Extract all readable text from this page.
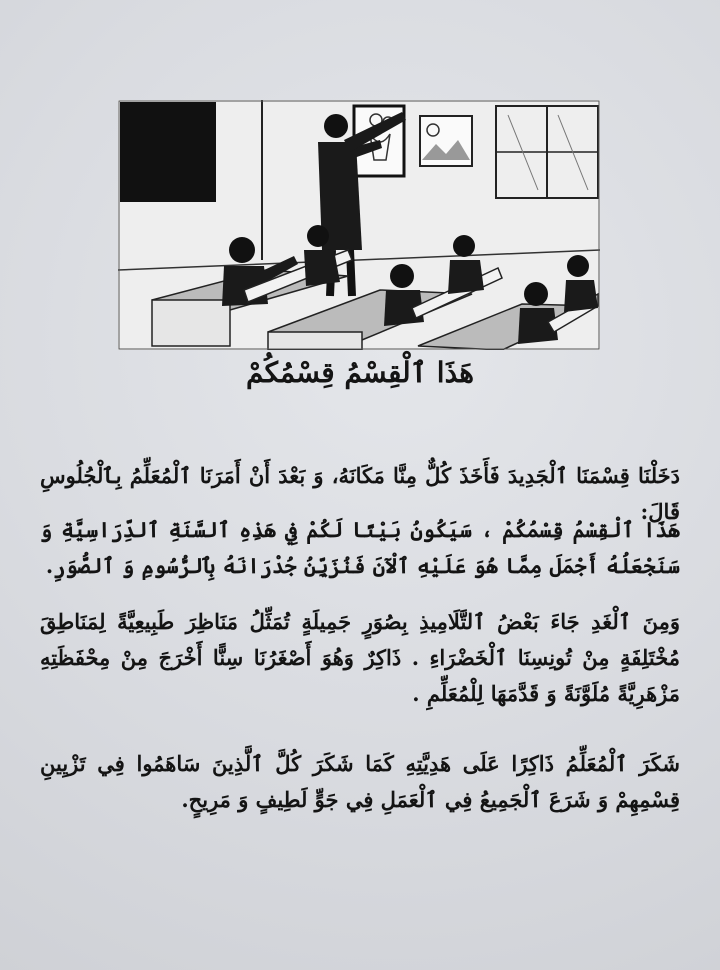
هَذَا ٱلْقِسْمُ قِسْمُكُمْ
دَخَلْنَا قِسْمَنَا ٱلْجَدِيدَ فَأَخَذَ كُلٌّ مِنَّا مَكَانَهُ، وَ بَعْدَ أَنْ أَمَرَنَا ٱلْمُعَلِّمُ بِٱلْجُلُوسِ قَالَ:
هَذَا ٱلْقِسْمُ قِسْمُكُمْ ، سَيَكُونُ بَيْتًا لَكُمْ فِي هَذِهِ ٱلسَّنَةِ ٱلدِّرَاسِيَّةِ وَ سَنَجْعَلُهُ أَجْمَلَ مِمَّا هُوَ عَلَيْهِ ٱلْآنَ فَنُزَيِّنُ جُدْرَانَهُ بِٱلرُّسُومِ وَ ٱلصُّوَرِ.
وَمِنَ ٱلْغَدِ جَاءَ بَعْضُ ٱلتَّلَامِيذِ بِصُوَرٍ جَمِيلَةٍ تُمَثِّلُ مَنَاظِرَ طَبِيعِيَّةً لِمَنَاطِقَ مُخْتَلِفَةٍ مِنْ تُونِسِنَا ٱلْخَضْرَاءِ . ذَاكِرٌ وَهُوَ أَصْغَرُنَا سِنًّا أَخْرَجَ مِنْ مِحْفَظَتِهِ مَزْهَرِيَّةً مُلَوَّنَةً وَ قَدَّمَهَا لِلْمُعَلِّمِ .
شَكَرَ ٱلْمُعَلِّمُ ذَاكِرًا عَلَى هَدِيَّتِهِ كَمَا شَكَرَ كُلَّ ٱلَّذِينَ سَاهَمُوا فِي تَزْيِينِ قِسْمِهِمْ وَ شَرَعَ ٱلْجَمِيعُ فِي ٱلْعَمَلِ فِي جَوٍّ لَطِيفٍ وَ مَرِيحٍ.
